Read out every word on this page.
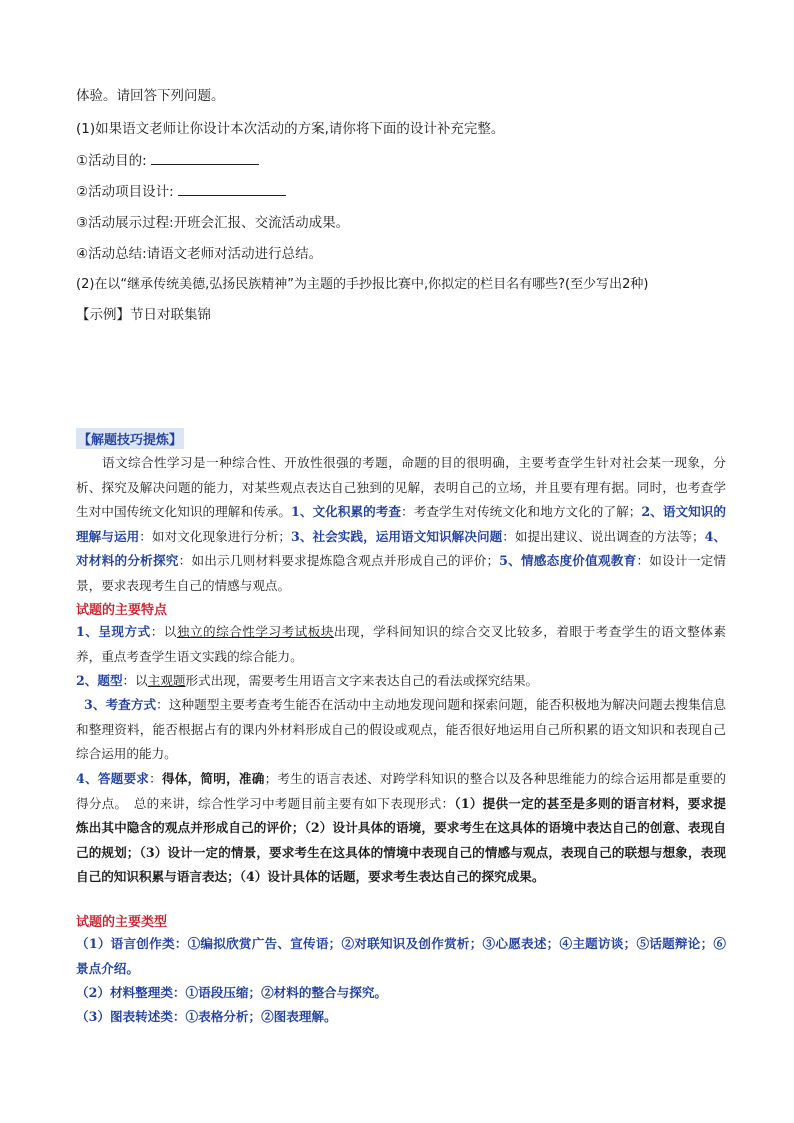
体验。请回答下列问题。
(1)如果语文老师让你设计本次活动的方案,请你将下面的设计补充完整。
①活动目的:
②活动项目设计:
③活动展示过程:开班会汇报、交流活动成果。
④活动总结:请语文老师对活动进行总结。
(2)在以“继承传统美德,弘扬民族精神”为主题的手抄报比赛中,你拟定的栏目名有哪些?(至少写出2种)
【示例】节日对联集锦
【解题技巧提炼】
语文综合性学习是一种综合性、开放性很强的考题，命题的目的很明确，主要考查学生针对社会某一现象，分析、探究及解决问题的能力，对某些观点表达自己独到的见解，表明自己的立场，并且要有理有据。同时，也考查学生对中国传统文化知识的理解和传承。1、文化积累的考查：考查学生对传统文化和地方文化的了解；2、语文知识的理解与运用：如对文化现象进行分析；3、社会实践，运用语文知识解决问题：如提出建议、说出调查的方法等；4、对材料的分析探究：如出示几则材料要求提炼隐含观点并形成自己的评价；5、情感态度价值观教育：如设计一定情景，要求表现考生自己的情感与观点。
试题的主要特点
1、呈现方式：以独立的综合性学习考试板块出现，学科间知识的综合交叉比较多，着眼于考查学生的语文整体素养，重点考查学生语文实践的综合能力。
2、题型：以主观题形式出现，需要考生用语言文字来表达自己的看法或探究结果。
3、考查方式：这种题型主要考查考生能否在活动中主动地发现问题和探索问题，能否积极地为解决问题去搜集信息和整理资料，能否根据占有的课内外材料形成自己的假设或观点，能否很好地运用自己所积累的语文知识和表现自己综合运用的能力。
4、答题要求：得体，简明，准确；考生的语言表述、对跨学科知识的整合以及各种思维能力的综合运用都是重要的得分点。　总的来讲，综合性学习中考题目前主要有如下表现形式：（1）提供一定的甚至是多则的语言材料，要求提炼出其中隐含的观点并形成自己的评价；（2）设计具体的语境，要求考生在这具体的语境中表达自己的创意、表现自己的规划；（3）设计一定的情景，要求考生在这具体的情境中表现自己的情感与观点，表现自己的联想与想象，表现自己的知识积累与语言表达；（4）设计具体的话题，要求考生表达自己的探究成果。
试题的主要类型
（1）语言创作类：①编拟欣赏广告、宣传语；②对联知识及创作赏析；③心愿表述；④主题访谈；⑤话题辩论；⑥景点介绍。
（2）材料整理类：①语段压缩；②材料的整合与探究。
（3）图表转述类：①表格分析；②图表理解。
